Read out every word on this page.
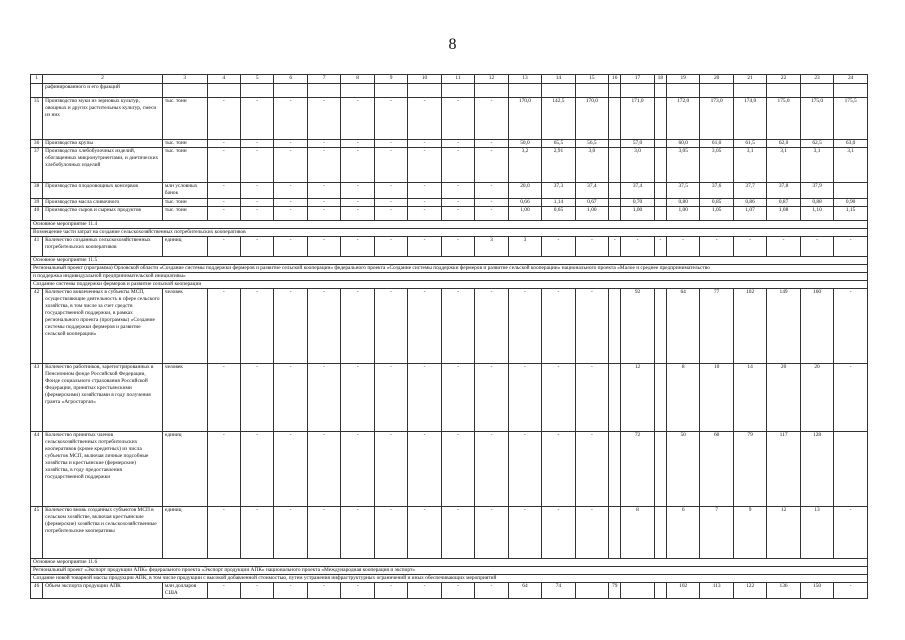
8
1	2	3	4	5	6	7	8	9	10	11	12	13	14	15	16	17	18	19	20	21	22	23	24
	рафинированного и его фракций																						
35	Производство муки из зерновых культур, овощных и других растительных культур, смеси из них	тыс. тонн	-	-	-	-	-	-	-	-	-	170,0	142,5	170,0		171,0		172,0	173,0	174,0	175,0	175,0	175,5
36	Производство крупы	тыс. тонн	-	-	-	-	-	-	-	-	-	50,0	65,5	56,5		57,0		60,0	61,0	61,5	62,0	62,5	63,0
37	Производство хлебобулочных изделий, обогащенных микронутриентами, и диетических хлебобулочных изделий	тыс. тонн	-	-	-	-	-	-	-	-	-	3,2	2,91	3,0		3,0		3,05	3,05	3,1	3,1	3,1	3,1
38	Производство плодоовощных консервов	млн условных банок	-	-	-	-	-	-	-	-	-	20,0	37,3	37,4		37,4		37,5	37,6	37,7	37,8	37,9	
39	Производство масла сливочного	тыс. тонн	-	-	-	-	-	-	-	-	-	0,66	1,14	0,67		0,70		0,80	0,85	0,86	0,87	0,88	0,90
40	Производство сыров и сырных продуктов	тыс. тонн	-	-	-	-	-	-	-	-	-	1,00	0,65	1,00		1,00		1,00	1,05	1,07	1,08	1,10	1,15
Основное мероприятие 11.4																							
Возмещение части затрат на создание сельскохозяйственных потребительских кооперативов																							
41	Количество созданных сельскохозяйственных потребительских кооперативов	единиц	-	-	-	-	-	-	-	-	3	3	-	-	-	-	-	-	-	-	-	-	-
Основное мероприятие 11.5																							
Региональный проект (программа) Орловской области «Создание системы поддержки фермеров и развитие сельской кооперации» федерального проекта «Создание системы поддержки фермеров и развитие сельской кооперации» национального проекта «Малое и среднее предпринимательство																							
и поддержка индивидуальной предпринимательской инициативы»																							
Создание системы поддержки фермеров и развитие сельской кооперации																							
42	Количество вовлеченных в субъекты МСП, осуществляющие деятельность в сфере сельского хозяйства, в том числе за счет средств государственной поддержки, в рамках регионального проекта (программы) «Создание системы поддержки фермеров и развитие сельской кооперации»	человек	-	-	-	-	-	-	-	-	-	-	-	-		92		64	77	102	149	160	-
43	Количество работников, зарегистрированных в Пенсионном фонде Российской Федерации, Фонде социального страхования Российской Федерации, принятых крестьянскими (фермерскими) хозяйствами в году получения гранта «Агростартап»	человек	-	-	-	-	-	-	-	-	-	-	-	-		12		8	10	14	20	20	-
44	Количество принятых членов сельскохозяйственных потребительских кооперативов (кроме кредитных) из числа субъектов МСП, включая личные подсобные хозяйства и крестьянские (фермерские) хозяйства, в году предоставления государственной поддержки	единиц	-	-	-	-	-	-	-	-	-	-	-	-		72		50	60	79	117	128	
45	Количество вновь созданных субъектов МСП в сельском хозяйстве, включая крестьянские (фермерские) хозяйства и сельскохозяйственные потребительские кооперативы	единиц	-	-	-	-	-	-	-	-	-	-	-	-		8		6	7	9	12	13	-
Основное мероприятие 11.6																							
Региональный проект «Экспорт продукции АПК» федерального проекта «Экспорт продукции АПК» национального проекта «Международная кооперация и экспорт»																							
Создание новой товарной массы продукции АПК, в том числе продукции с высокой добавленной стоимостью, путем устранения инфраструктурных ограничений и иных обеспечивающих мероприятий																							
46	Объем экспорта продукции АПК	млн долларов США	-	-	-	-	-	-	-	-	-	64	74		79			102	113	122	136	150	-
